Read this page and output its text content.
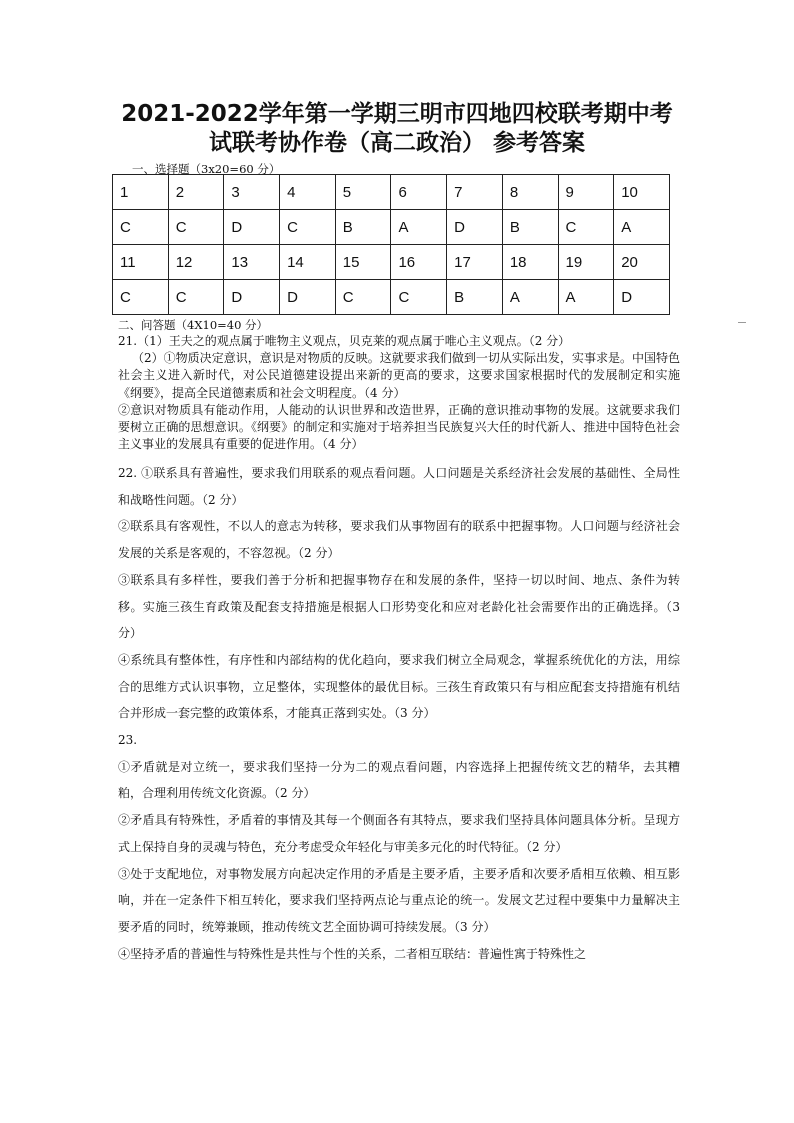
2021-2022学年第一学期三明市四地四校联考期中考
试联考协作卷（高二政治） 参考答案
一、选择题（3x20=60 分）
1	2	3	4	5	6	7	8	9	10
C	C	D	C	B	A	D	B	C	A
11	12	13	14	15	16	17	18	19	20
C	C	D	D	C	C	B	A	A	D
二、问答题（4X10=40 分）

21.（1）王夫之的观点属于唯物主义观点，贝克莱的观点属于唯心主义观点。（2 分）

（2）①物质决定意识，意识是对物质的反映。这就要求我们做到一切从实际出发，实事求是。中国特色社会主义进入新时代，对公民道德建设提出来新的更高的要求，这要求国家根据时代的发展制定和实施《纲要》，提高全民道德素质和社会文明程度。（4 分）

②意识对物质具有能动作用，人能动的认识世界和改造世界，正确的意识推动事物的发展。这就要求我们要树立正确的思想意识。《纲要》的制定和实施对于培养担当民族复兴大任的时代新人、推进中国特色社会主义事业的发展具有重要的促进作用。（4 分）

22. ①联系具有普遍性，要求我们用联系的观点看问题。人口问题是关系经济社会发展的基础性、全局性和战略性问题。（2 分）

②联系具有客观性，不以人的意志为转移，要求我们从事物固有的联系中把握事物。人口问题与经济社会发展的关系是客观的，不容忽视。（2 分）

③联系具有多样性，要我们善于分析和把握事物存在和发展的条件，坚持一切以时间、地点、条件为转移。实施三孩生育政策及配套支持措施是根据人口形势变化和应对老龄化社会需要作出的正确选择。（3 分）

④系统具有整体性，有序性和内部结构的优化趋向，要求我们树立全局观念，掌握系统优化的方法，用综合的思维方式认识事物，立足整体，实现整体的最优目标。三孩生育政策只有与相应配套支持措施有机结合并形成一套完整的政策体系，才能真正落到实处。（3 分）

23.

①矛盾就是对立统一，要求我们坚持一分为二的观点看问题，内容选择上把握传统文艺的精华，去其糟粕，合理利用传统文化资源。（2 分）

②矛盾具有特殊性，矛盾着的事情及其每一个侧面各有其特点，要求我们坚持具体问题具体分析。呈现方式上保持自身的灵魂与特色，充分考虑受众年轻化与审美多元化的时代特征。（2 分）

③处于支配地位，对事物发展方向起决定作用的矛盾是主要矛盾，主要矛盾和次要矛盾相互依赖、相互影响，并在一定条件下相互转化，要求我们坚持两点论与重点论的统一。发展文艺过程中要集中力量解决主要矛盾的同时，统筹兼顾，推动传统文艺全面协调可持续发展。（3 分）

④坚持矛盾的普遍性与特殊性是共性与个性的关系，二者相互联结：普遍性寓于特殊性之
